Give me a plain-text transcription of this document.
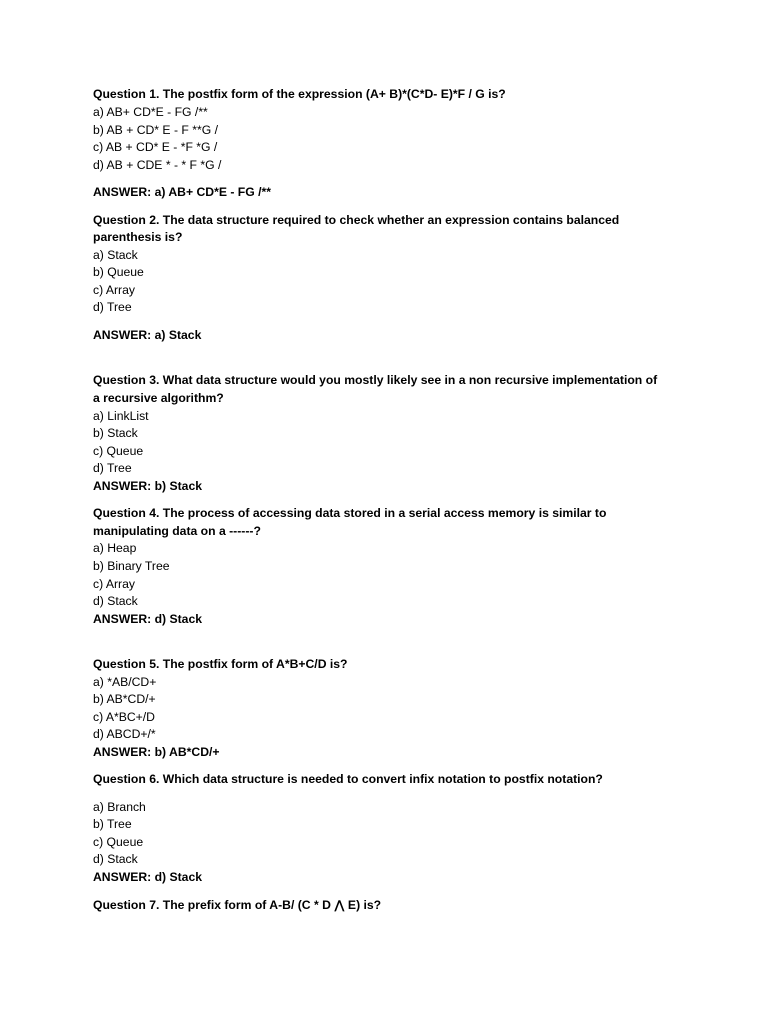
Question 1. The postfix form of the expression (A+ B)*(C*D- E)*F / G is?
a) AB+ CD*E - FG /**
b) AB + CD* E - F **G /
c) AB + CD* E - *F *G /
d) AB + CDE * - * F *G /
ANSWER: a) AB+ CD*E - FG /**
Question 2. The data structure required to check whether an expression contains balanced
parenthesis is?
a) Stack
b) Queue
c) Array
d) Tree
ANSWER: a) Stack
Question 3. What data structure would you mostly likely see in a non recursive implementation of
a recursive algorithm?
a) LinkList
b) Stack
c) Queue
d) Tree
ANSWER: b) Stack
Question 4. The process of accessing data stored in a serial access memory is similar to
manipulating data on a ------?
a) Heap
b) Binary Tree
c) Array
d) Stack
ANSWER: d) Stack
Question 5. The postfix form of A*B+C/D is?
a) *AB/CD+
b) AB*CD/+
c) A*BC+/D
d) ABCD+/*
ANSWER: b) AB*CD/+
Question 6. Which data structure is needed to convert infix notation to postfix notation?
a) Branch
b) Tree
c) Queue
d) Stack
ANSWER: d) Stack
Question 7. The prefix form of A-B/ (C * D ⋀ E) is?
